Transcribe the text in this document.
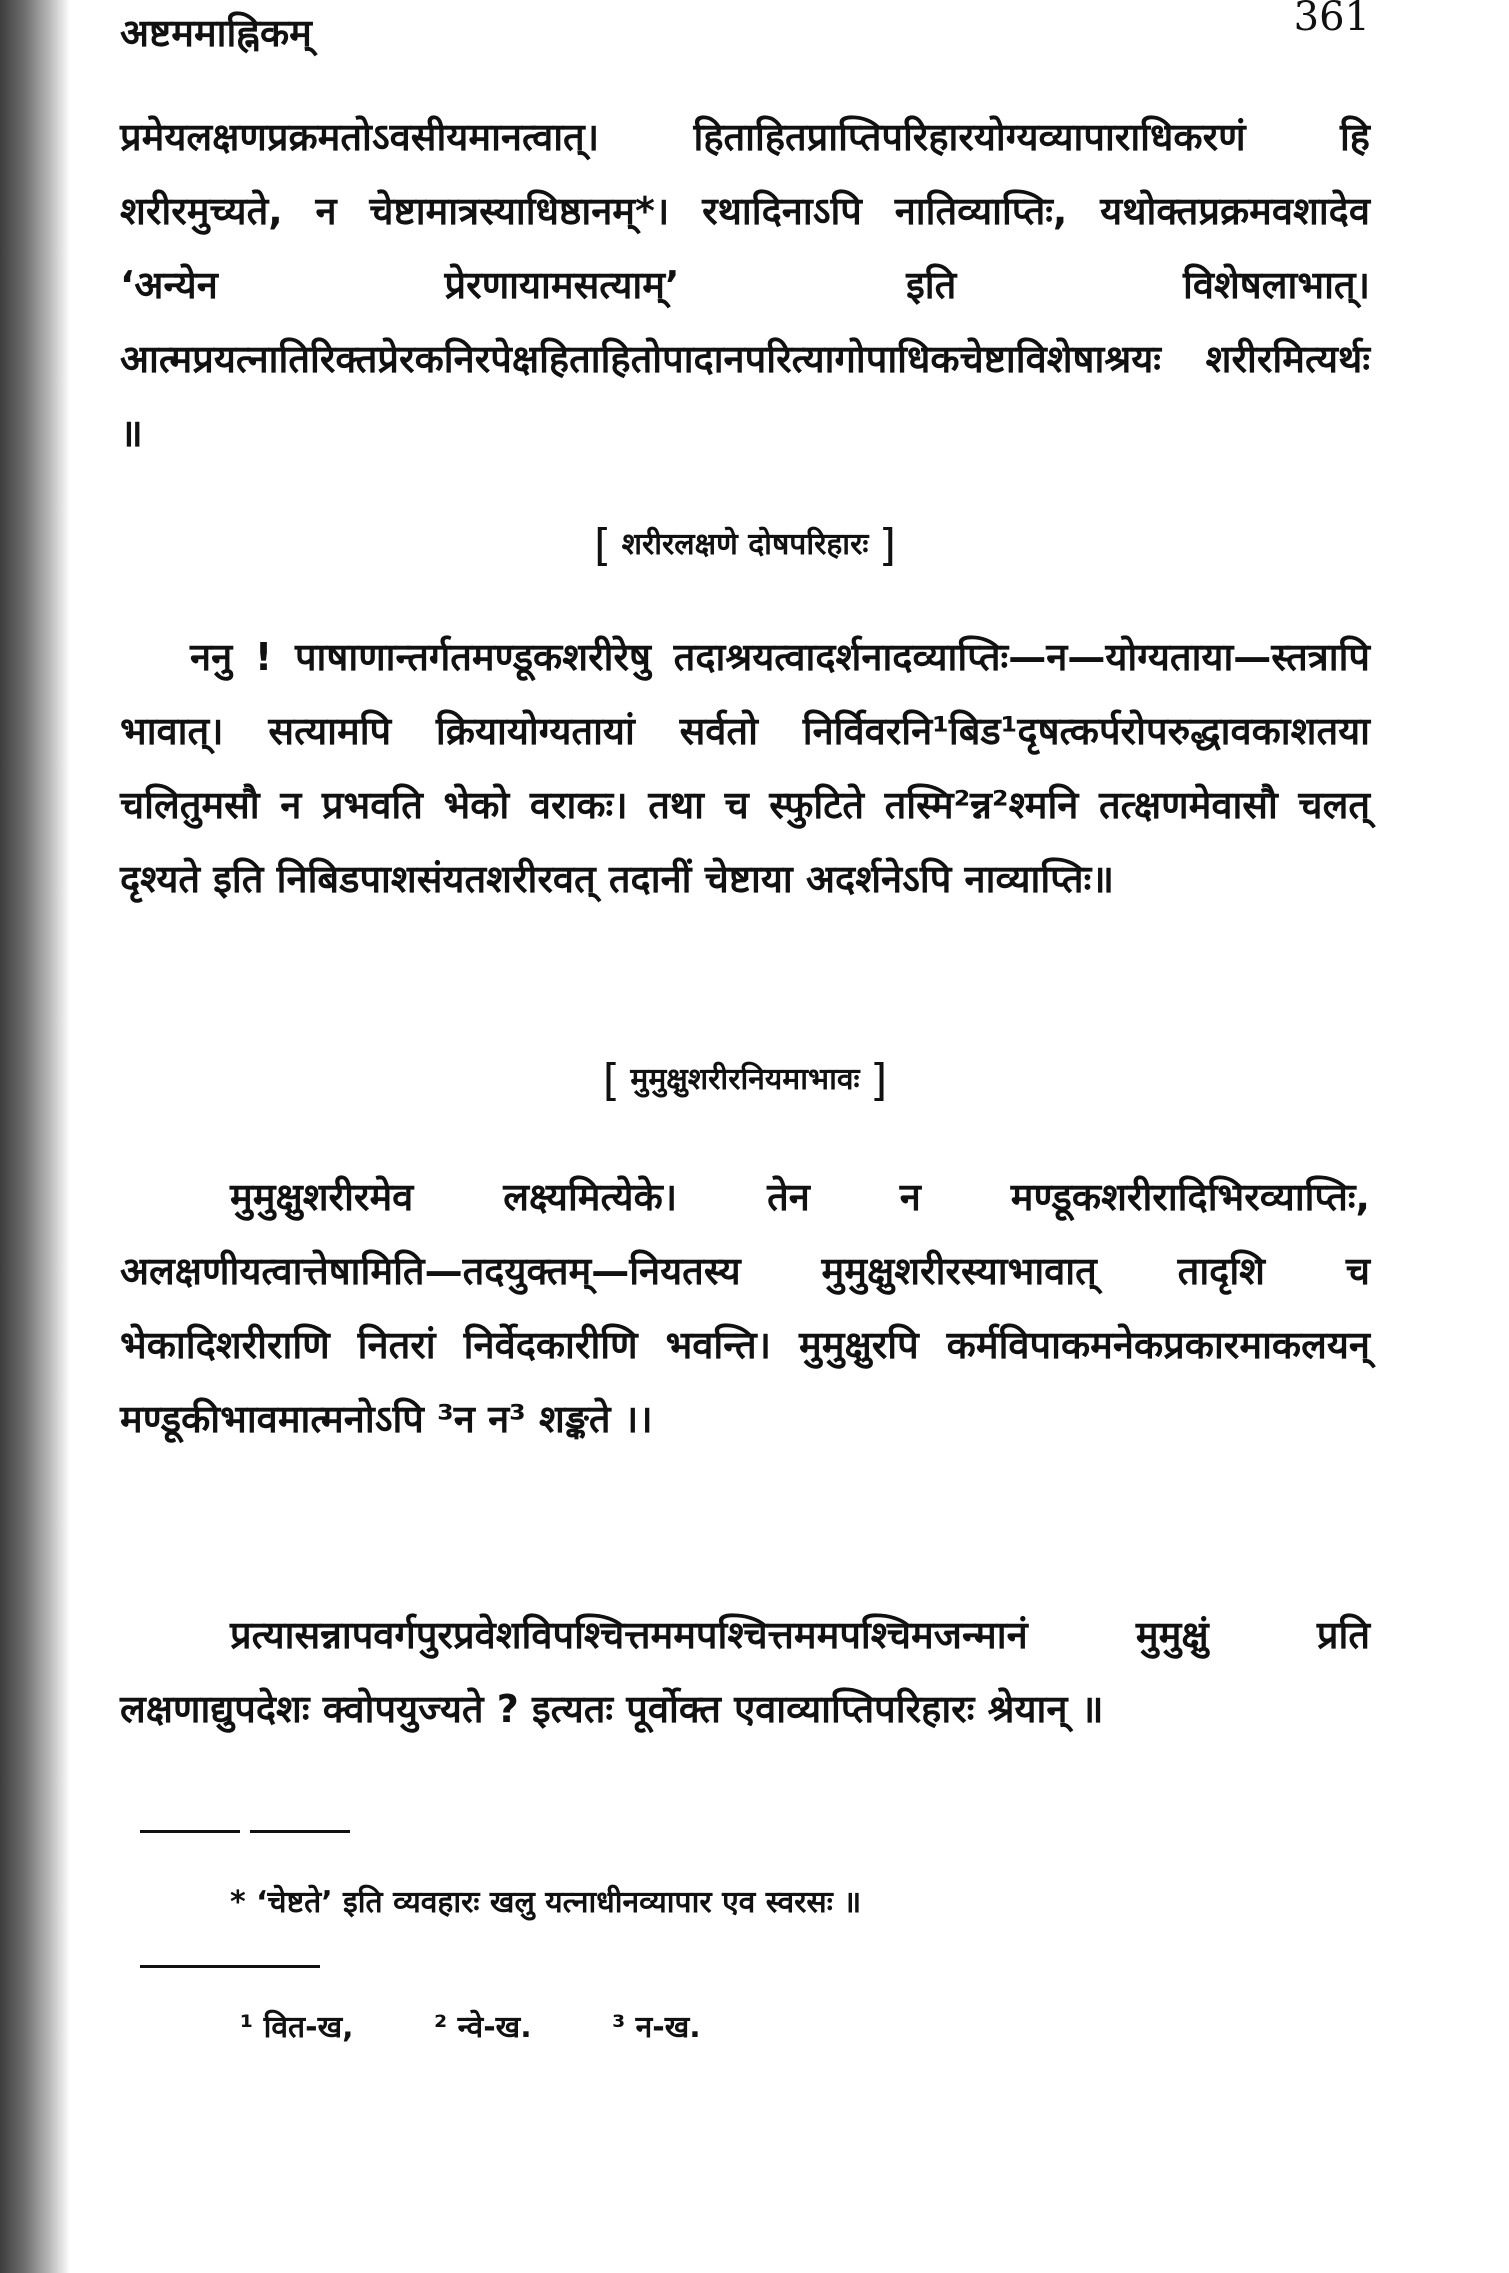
अष्टममाह्निकम्	361
प्रमेयलक्षणप्रक्रमतोऽवसीयमानत्वात्। हिताहितप्राप्तिपरिहारयोग्यव्यापाराधिकरणं हि शरीरमुच्यते, न चेष्टामात्रस्याधिष्ठानम्*। रथादिनाऽपि नातिव्याप्तिः, यथोक्तप्रक्रमवशादेव ‘अन्येन प्रेरणायामसत्याम्’ इति विशेषलाभात्। आत्मप्रयत्नातिरिक्तप्रेरकनिरपेक्षहिताहितोपादानपरित्यागोपाधिकचेष्टाविशेषाश्रयः शरीरमित्यर्थः ॥
[ शरीरलक्षणे दोषपरिहारः ]
ननु ! पाषाणान्तर्गतमण्डूकशरीरेषु तदाश्रयत्वादर्शनादव्याप्तिः—न—योग्यताया—स्तत्रापि भावात्। सत्यामपि क्रियायोग्यतायां सर्वतो निर्विवरनि¹बिड¹दृषत्कर्परोपरुद्धावकाशतया चलितुमसौ न प्रभवति भेको वराकः। तथा च स्फुटिते तस्मि²न्न²श्मनि तत्क्षणमेवासौ चलत् दृश्यते इति निबिडपाशसंयतशरीरवत् तदानीं चेष्टाया अदर्शनेऽपि नाव्याप्तिः॥
[ मुमुक्षुशरीरनियमाभावः ]
मुमुक्षुशरीरमेव लक्ष्यमित्येके। तेन न मण्डूकशरीरादिभिरव्याप्तिः, अलक्षणीयत्वात्तेषामिति—तदयुक्तम्—नियतस्य मुमुक्षुशरीरस्याभावात् तादृशि च भेकादिशरीराणि नितरां निर्वेदकारीणि भवन्ति। मुमुक्षुरपि कर्मविपाकमनेकप्रकारमाकलयन् मण्डूकीभावमात्मनोऽपि ³न न³ शङ्कते ।।
प्रत्यासन्नापवर्गपुरप्रवेशविपश्चित्तममपश्चित्तममपश्चिमजन्मानं मुमुक्षुं प्रति लक्षणाद्युपदेशः क्वोपयुज्यते ? इत्यतः पूर्वोक्त एवाव्याप्तिपरिहारः श्रेयान् ॥
* ‘चेष्टते’ इति व्यवहारः खलु यत्नाधीनव्यापार एव स्वरसः ॥
¹ वित-ख,	² न्वे-ख.	³ न-ख.
